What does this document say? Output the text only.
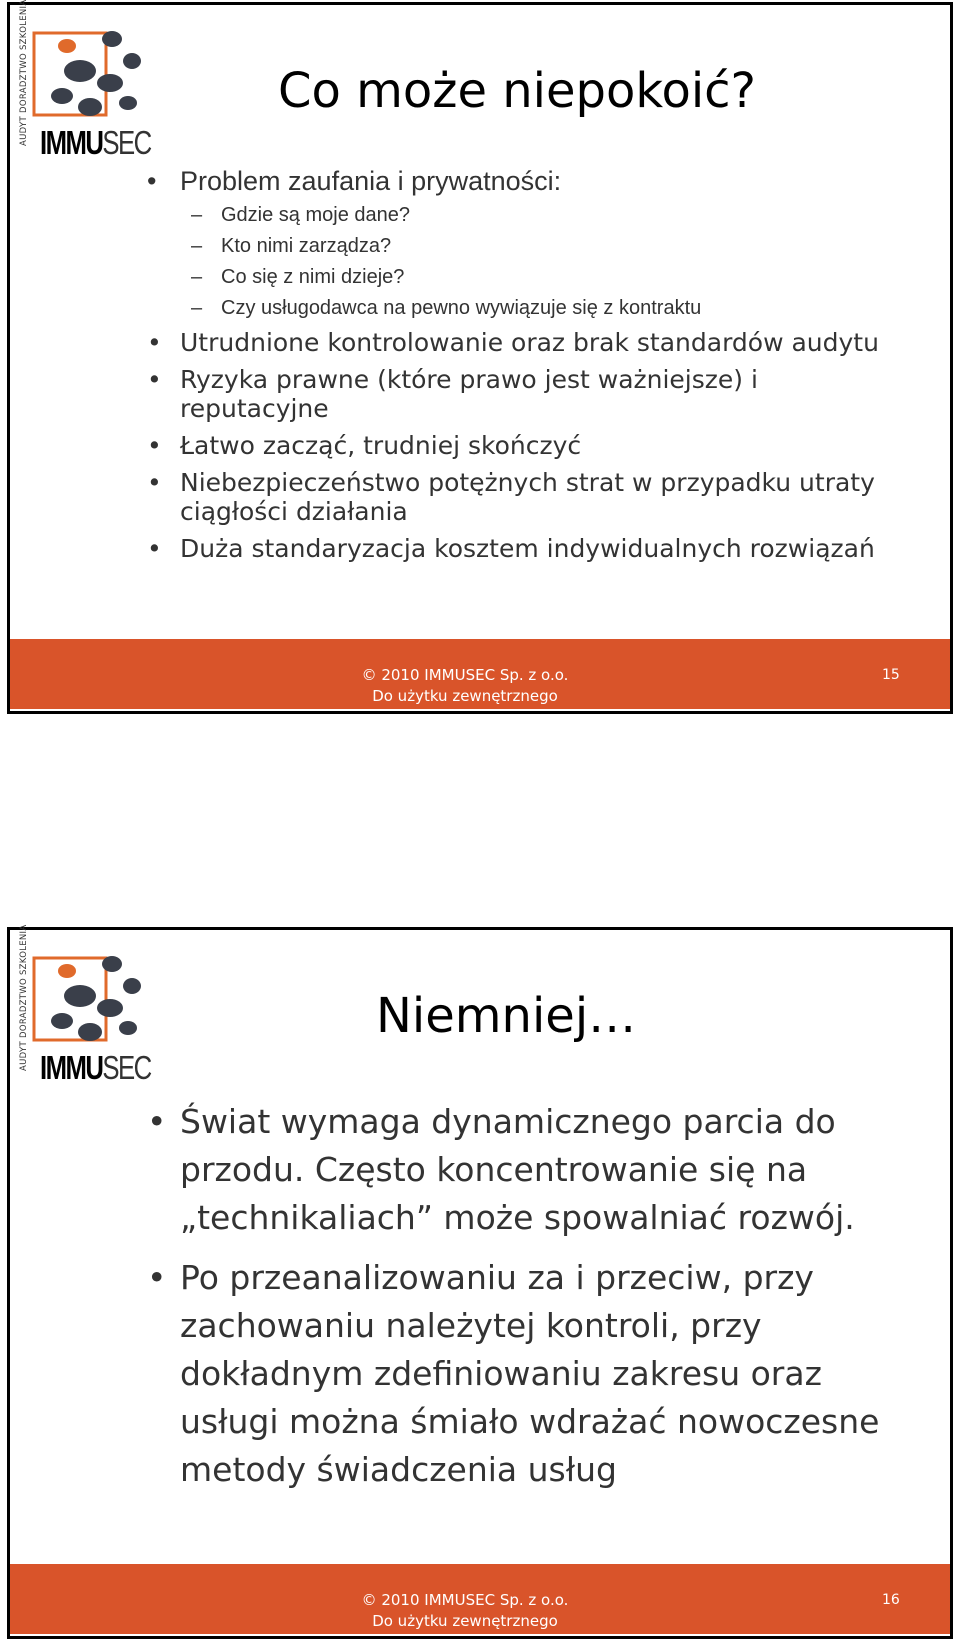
AUDYT DORADZTWO SZKOLENIA IMMUSEC
Co może niepokoić?
• Problem zaufania i prywatności:
– Gdzie są moje dane?
– Kto nimi zarządza?
– Co się z nimi dzieje?
– Czy usługodawca na pewno wywiązuje się z kontraktu
• Utrudnione kontrolowanie oraz brak standardów audytu
• Ryzyka prawne (które prawo jest ważniejsze) i reputacyjne
• Łatwo zacząć, trudniej skończyć
• Niebezpieczeństwo potężnych strat w przypadku utraty ciągłości działania
• Duża standaryzacja kosztem indywidualnych rozwiązań
© 2010 IMMUSEC Sp. z o.o.
Do użytku zewnętrznego
15
AUDYT DORADZTWO SZKOLENIA IMMUSEC
Niemniej…
• Świat wymaga dynamicznego parcia do przodu. Często koncentrowanie się na „technikaliach” może spowalniać rozwój.
• Po przeanalizowaniu za i przeciw, przy zachowaniu należytej kontroli, przy dokładnym zdefiniowaniu zakresu oraz usługi można śmiało wdrażać nowoczesne metody świadczenia usług
© 2010 IMMUSEC Sp. z o.o.
Do użytku zewnętrznego
16
